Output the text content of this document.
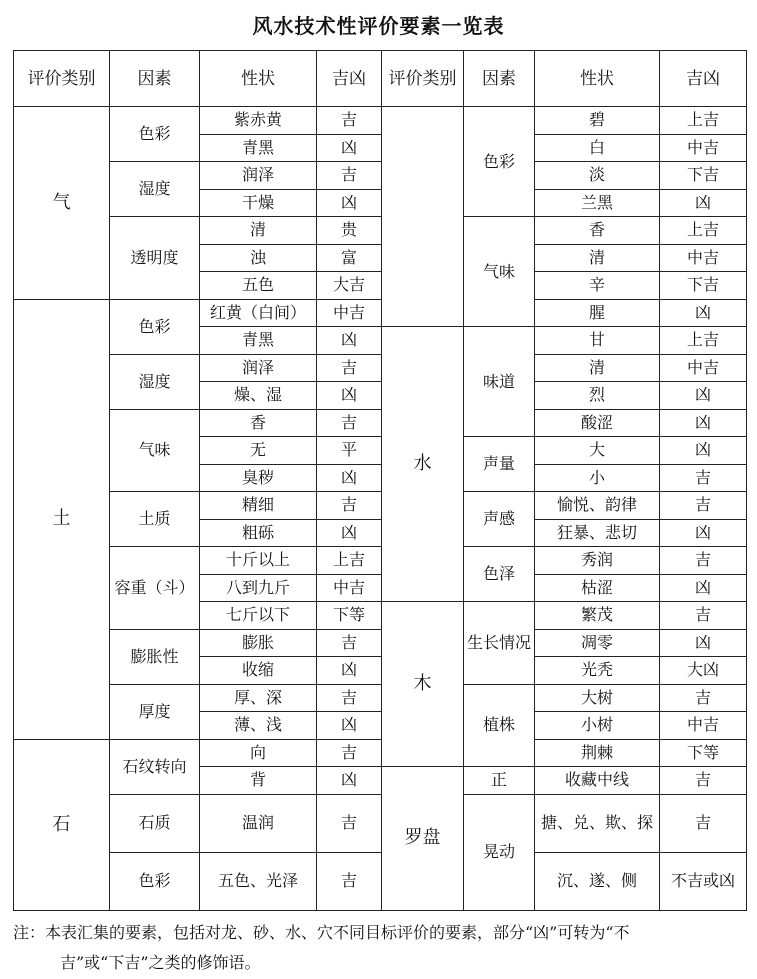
风水技术性评价要素一览表
评价类别	因素	性状	吉凶	评价类别	因素	性状	吉凶
气	色彩	紫赤黄	吉		色彩	碧	上吉
		青黑	凶			白	中吉
	湿度	润泽	吉			淡	下吉
		干燥	凶			兰黑	凶
	透明度	清	贵		气味	香	上吉
		浊	富			清	中吉
		五色	大吉			辛	下吉
土	色彩	红黄（白间）	中吉			腥	凶
		青黑	凶	水	味道	甘	上吉
	湿度	润泽	吉			清	中吉
		燥、湿	凶			烈	凶
	气味	香	吉			酸涩	凶
		无	平		声量	大	凶
		臭秽	凶			小	吉
	土质	精细	吉		声感	愉悦、韵律	吉
		粗砾	凶			狂暴、悲切	凶
	容重（斗）	十斤以上	上吉		色泽	秀润	吉
		八到九斤	中吉			枯涩	凶
		七斤以下	下等	木	生长情况	繁茂	吉
	膨胀性	膨胀	吉			凋零	凶
		收缩	凶			光秃	大凶
	厚度	厚、深	吉		植株	大树	吉
		薄、浅	凶			小树	中吉
石	石纹转向	向	吉			荆棘	下等
		背	凶	罗盘	正	收藏中线	吉
	石质	温润	吉		晃动	搪、兑、欺、探	吉
	色彩	五色、光泽	吉			沉、遂、侧	不吉或凶
注：本表汇集的要素，包括对龙、砂、水、穴不同目标评价的要素，部分“凶”可转为“不
吉”或“下吉”之类的修饰语。
